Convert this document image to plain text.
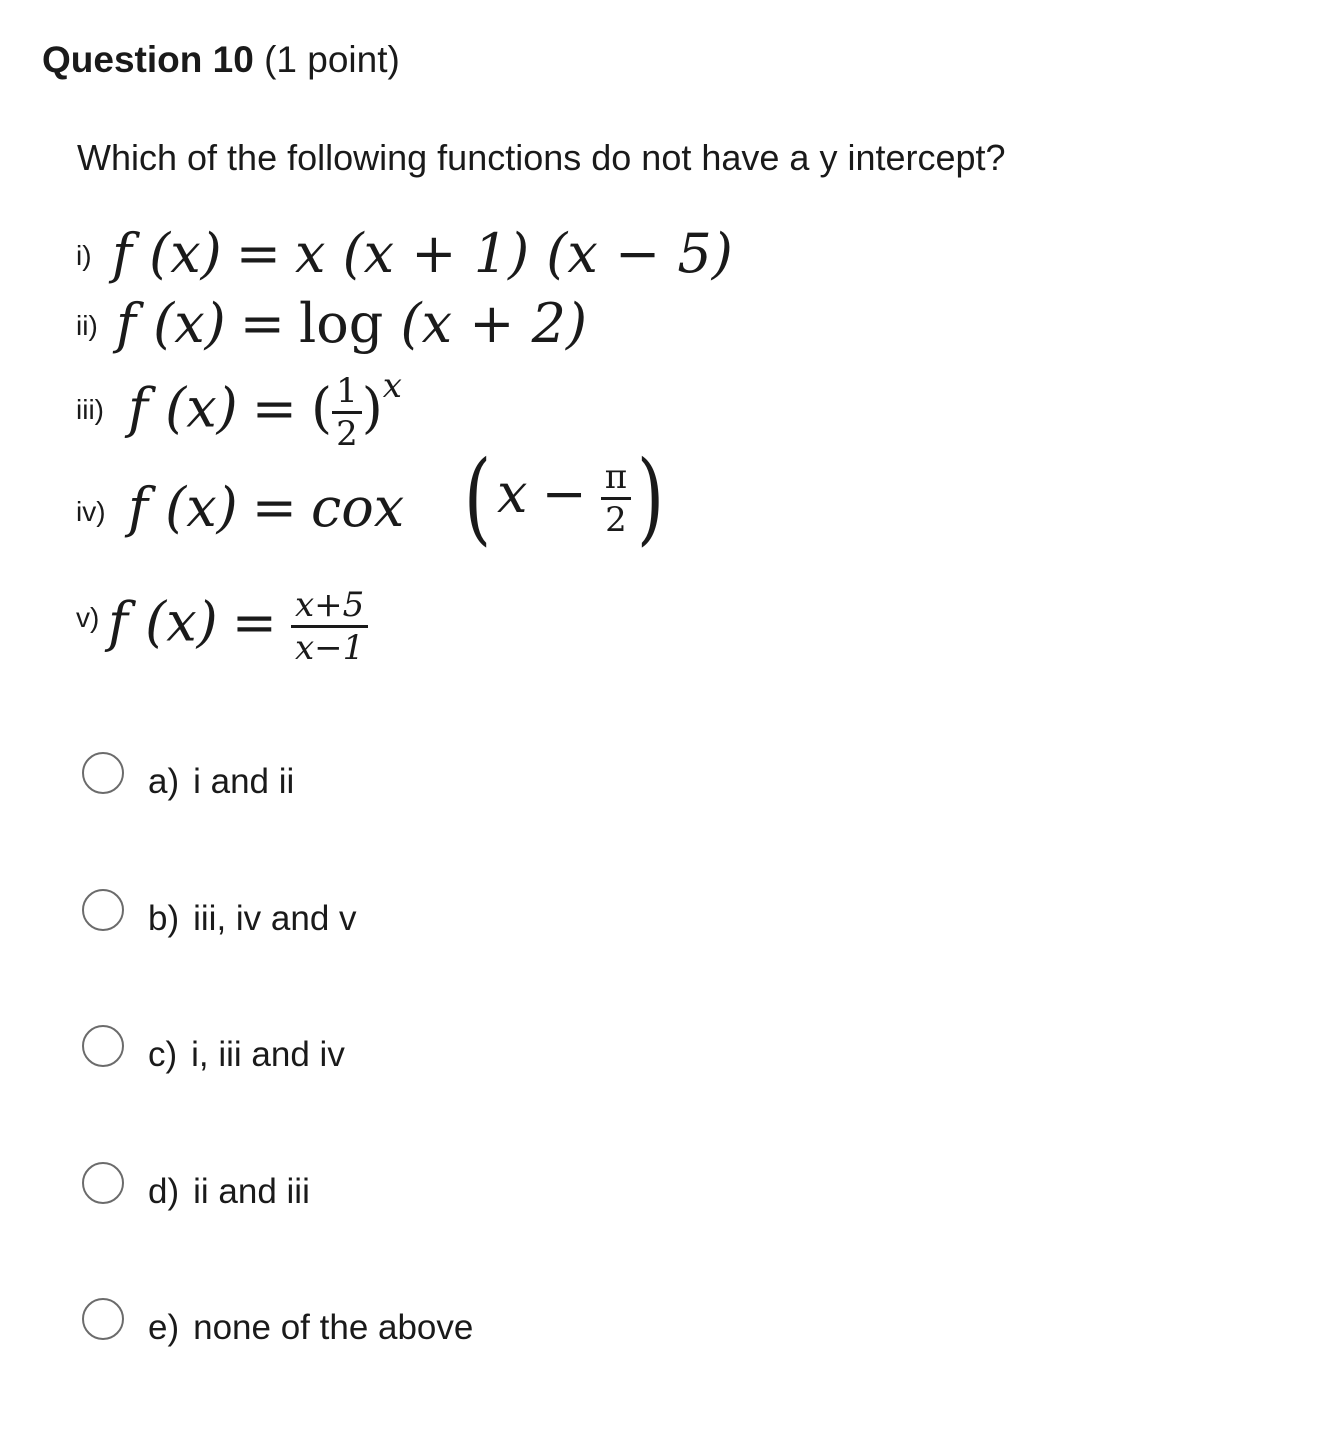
Question 10 (1 point)
Which of the following functions do not have a y intercept?
i) f (x) = x (x + 1) (x − 5)
ii) f (x) = log (x + 2)
iii) f (x) = ( $\frac{1}{2} )x$
iv) f (x) = cox ( $x - \frac{\pi}{2}$ )
v) f $(x) = \frac{x+5}{x-1}$
a) i and ii
b) iii, iv and v
c) i, iii and iv
d) ii and iii
e) none of the above
